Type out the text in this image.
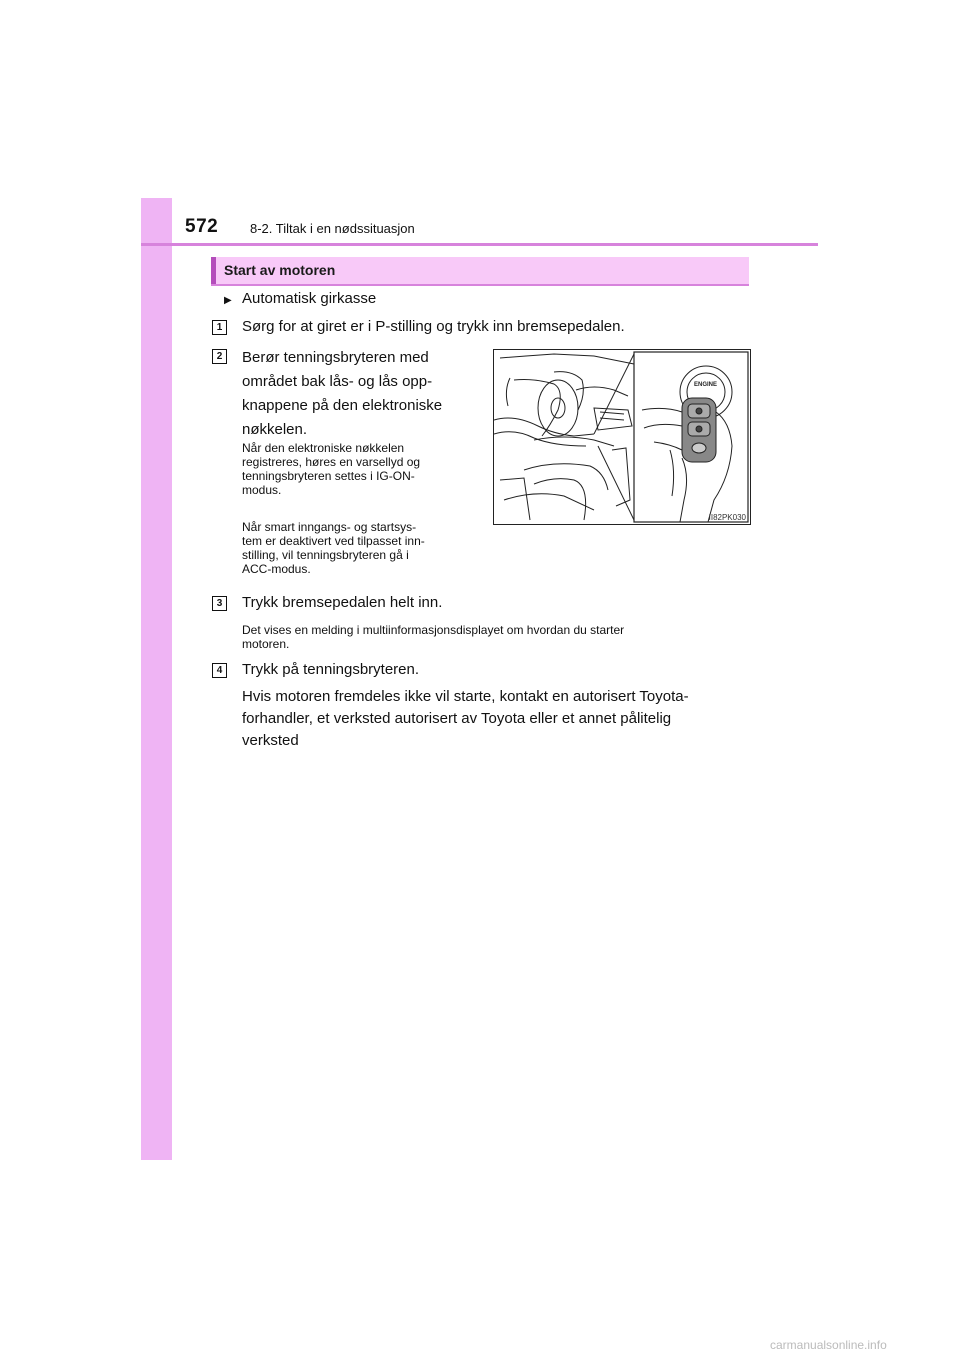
572 8-2. Tiltak i en nødssituasjon
Start av motoren
▶ Automatisk girkasse
1	Sørg for at giret er i P-stilling og trykk inn bremsepedalen.
2	Berør tenningsbryteren med
området bak lås- og lås opp-
knappene på den elektroniske
nøkkelen.
Når den elektroniske nøkkelen
registreres, høres en varsellyd og
tenningsbryteren settes i IG-ON-
modus.
Når smart inngangs- og startsys-
tem er deaktivert ved tilpasset inn-
stilling, vil tenningsbryteren gå i
ACC-modus.
ENGINE
II82PK030
3	Trykk bremsepedalen helt inn.
Det vises en melding i multiinformasjonsdisplayet om hvordan du starter
motoren.
4	Trykk på tenningsbryteren.
Hvis motoren fremdeles ikke vil starte, kontakt en autorisert Toyota-
forhandler, et verksted autorisert av Toyota eller et annet pålitelig
verksted
carmanualsonline.info
